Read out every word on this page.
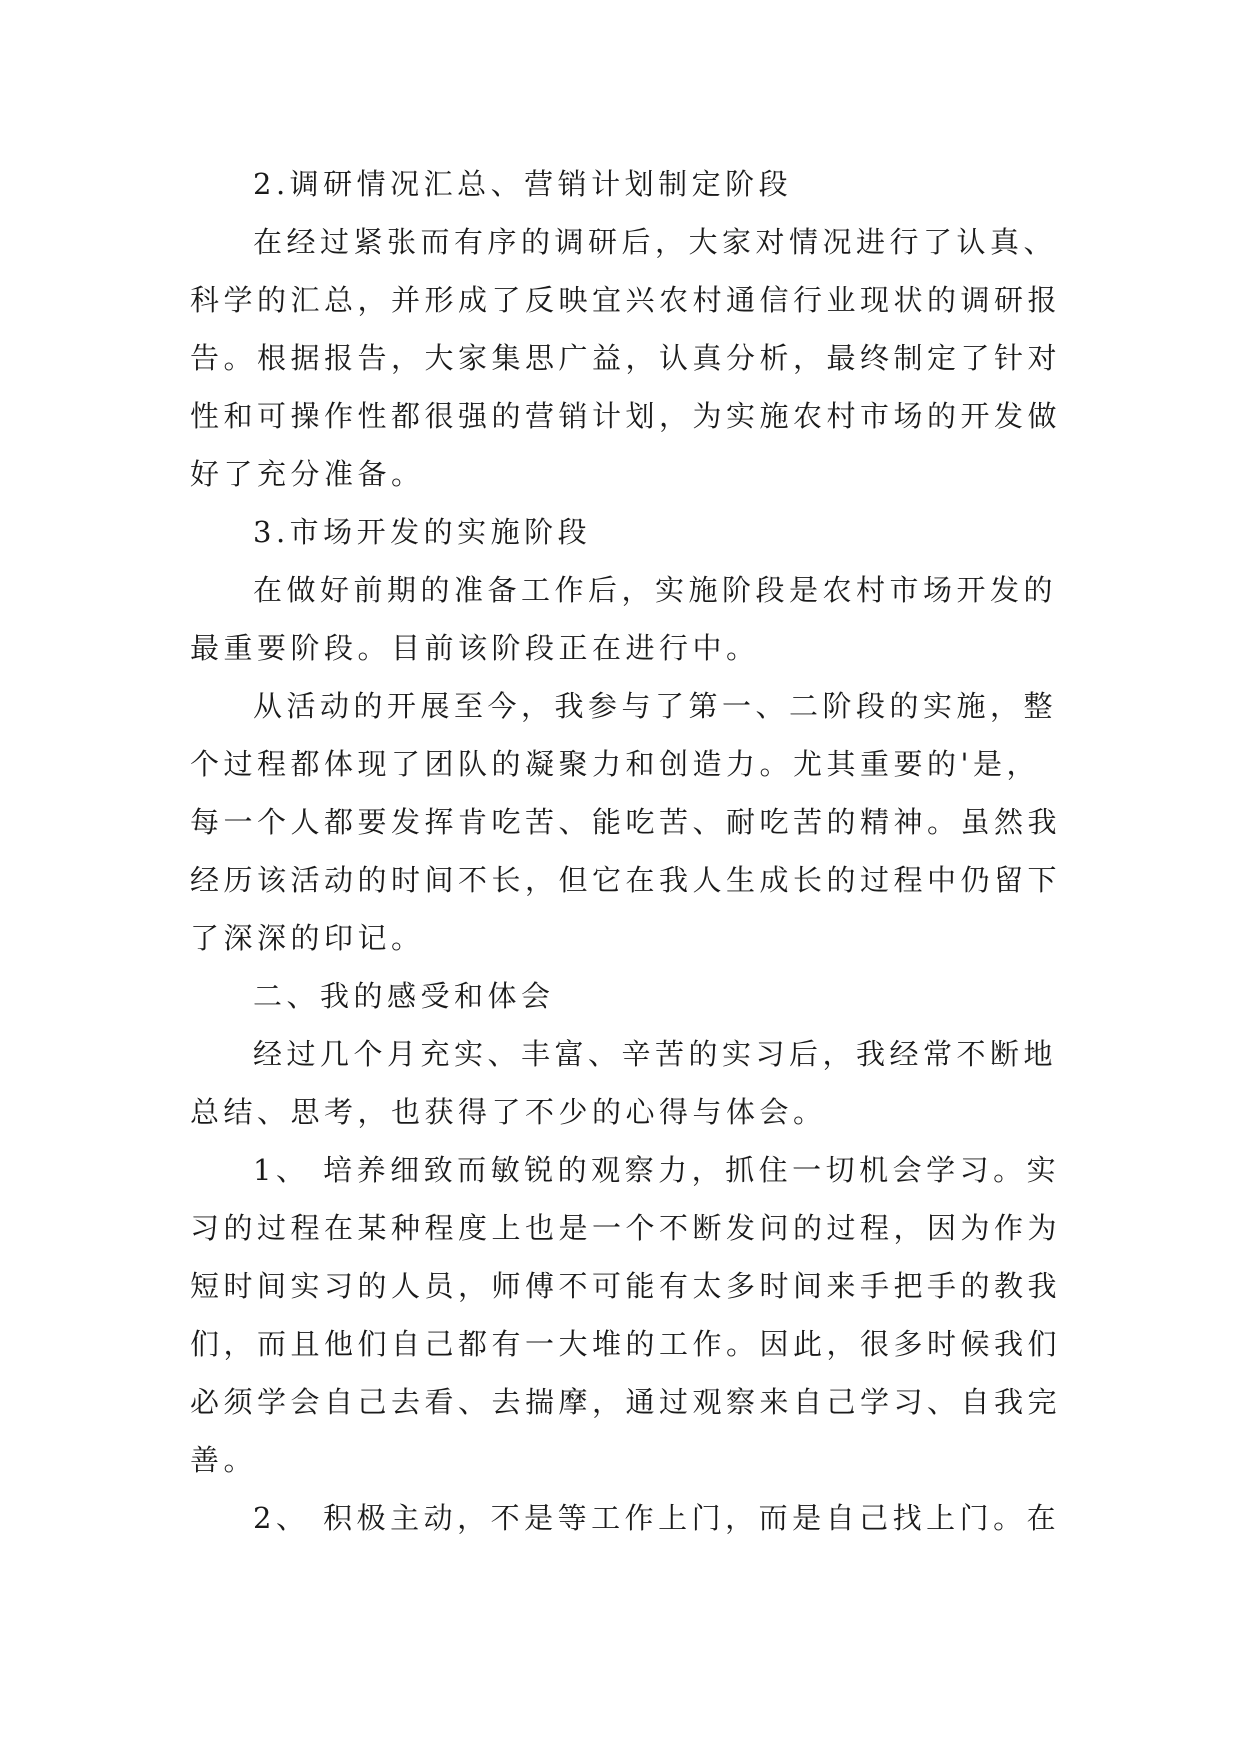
2.调研情况汇总、营销计划制定阶段
在经过紧张而有序的调研后，大家对情况进行了认真、
科学的汇总，并形成了反映宜兴农村通信行业现状的调研报
告。根据报告，大家集思广益，认真分析，最终制定了针对
性和可操作性都很强的营销计划，为实施农村市场的开发做
好了充分准备。
3.市场开发的实施阶段
在做好前期的准备工作后，实施阶段是农村市场开发的
最重要阶段。目前该阶段正在进行中。
从活动的开展至今，我参与了第一、二阶段的实施，整
个过程都体现了团队的凝聚力和创造力。尤其重要的'是，
每一个人都要发挥肯吃苦、能吃苦、耐吃苦的精神。虽然我
经历该活动的时间不长，但它在我人生成长的过程中仍留下
了深深的印记。
二、我的感受和体会
经过几个月充实、丰富、辛苦的实习后，我经常不断地
总结、思考，也获得了不少的心得与体会。
1、 培养细致而敏锐的观察力，抓住一切机会学习。实
习的过程在某种程度上也是一个不断发问的过程，因为作为
短时间实习的人员，师傅不可能有太多时间来手把手的教我
们，而且他们自己都有一大堆的工作。因此，很多时候我们
必须学会自己去看、去揣摩，通过观察来自己学习、自我完
善。
2、 积极主动，不是等工作上门，而是自己找上门。在
